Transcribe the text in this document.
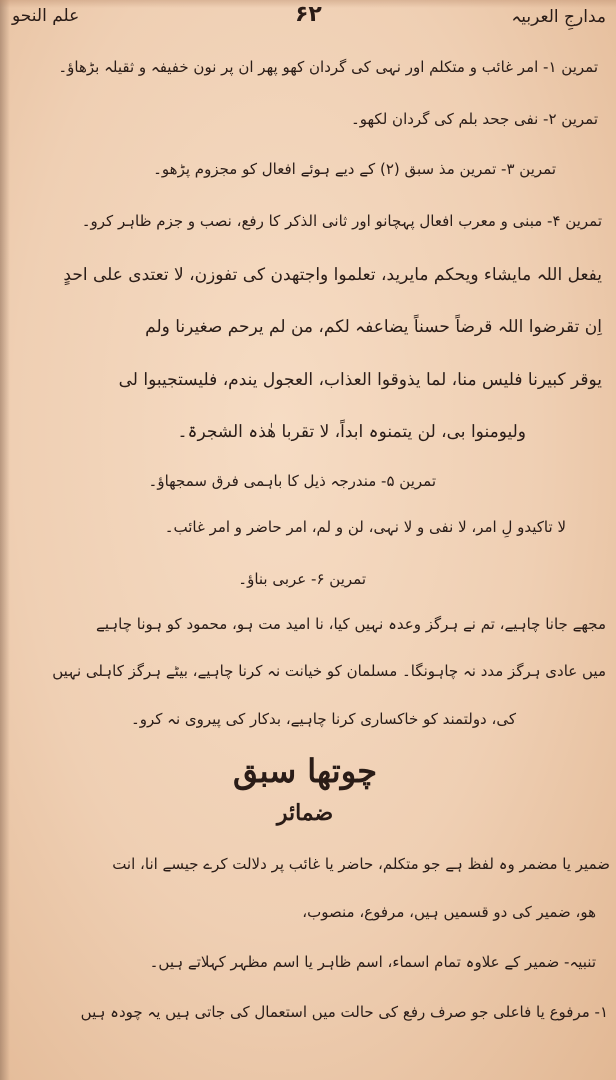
مدارجِ العربیہ
۶۲
علم النحو
تمرین ۱- امر غائب و متکلم اور نہی کی گردان کھو پھر ان پر نون خفیفہ و ثقیلہ بڑھاؤ۔
تمرین ۲- نفی جحد بلم کی گردان لکھو۔
تمرین ۳- تمرین مذ سبق (۲) کے دیے ہوئے افعال کو مجزوم پڑھو۔
تمرین ۴- مبنی و معرب افعال پہچانو اور ثانی الذکر کا رفع، نصب و جزم ظاہر کرو۔
یفعل اللہ مایشاء ویحکم مایرید، تعلموا واجتھدن کی تفوزن، لا تعتدی علی احدٍ
اِن تقرضوا اللہ قرضاً حسناً یضاعفہ لکم، من لم یرحم صغیرنا ولم
یوقر کبیرنا فلیس منا، لما یذوقوا العذاب، العجول یندم، فلیستجیبوا لی
ولیومنوا بی، لن یتمنوہ ابداً، لا تقربا ھٰذہ الشجرۃ۔
تمرین ۵- مندرجہ ذیل کا باہمی فرق سمجھاؤ۔
لا تاکیدو لِ امر، لا نفی و لا نہی، لن و لم، امر حاضر و امر غائب۔
تمرین ۶- عربی بناؤ۔
مجھے جانا چاہیے، تم نے ہرگز وعدہ نہیں کیا، نا امید مت ہو، محمود کو ہونا چاہیے
میں عادی ہرگز مدد نہ چاہونگا۔ مسلمان کو خیانت نہ کرنا چاہیے، بیٹے ہرگز کاہلی نہیں
کی، دولتمند کو خاکساری کرنا چاہیے، بدکار کی پیروی نہ کرو۔
چوتھا سبق
ضمائر
ضمیر یا مضمر وہ لفظ ہے جو متکلم، حاضر یا غائب پر دلالت کرے جیسے انا، انت
ھو، ضمیر کی دو قسمیں ہیں، مرفوع، منصوب،
تنبیہ- ضمیر کے علاوہ تمام اسماء، اسم ظاہر یا اسم مظہر کہلاتے ہیں۔
۱- مرفوع یا فاعلی جو صرف رفع کی حالت میں استعمال کی جاتی ہیں یہ چودہ ہیں
